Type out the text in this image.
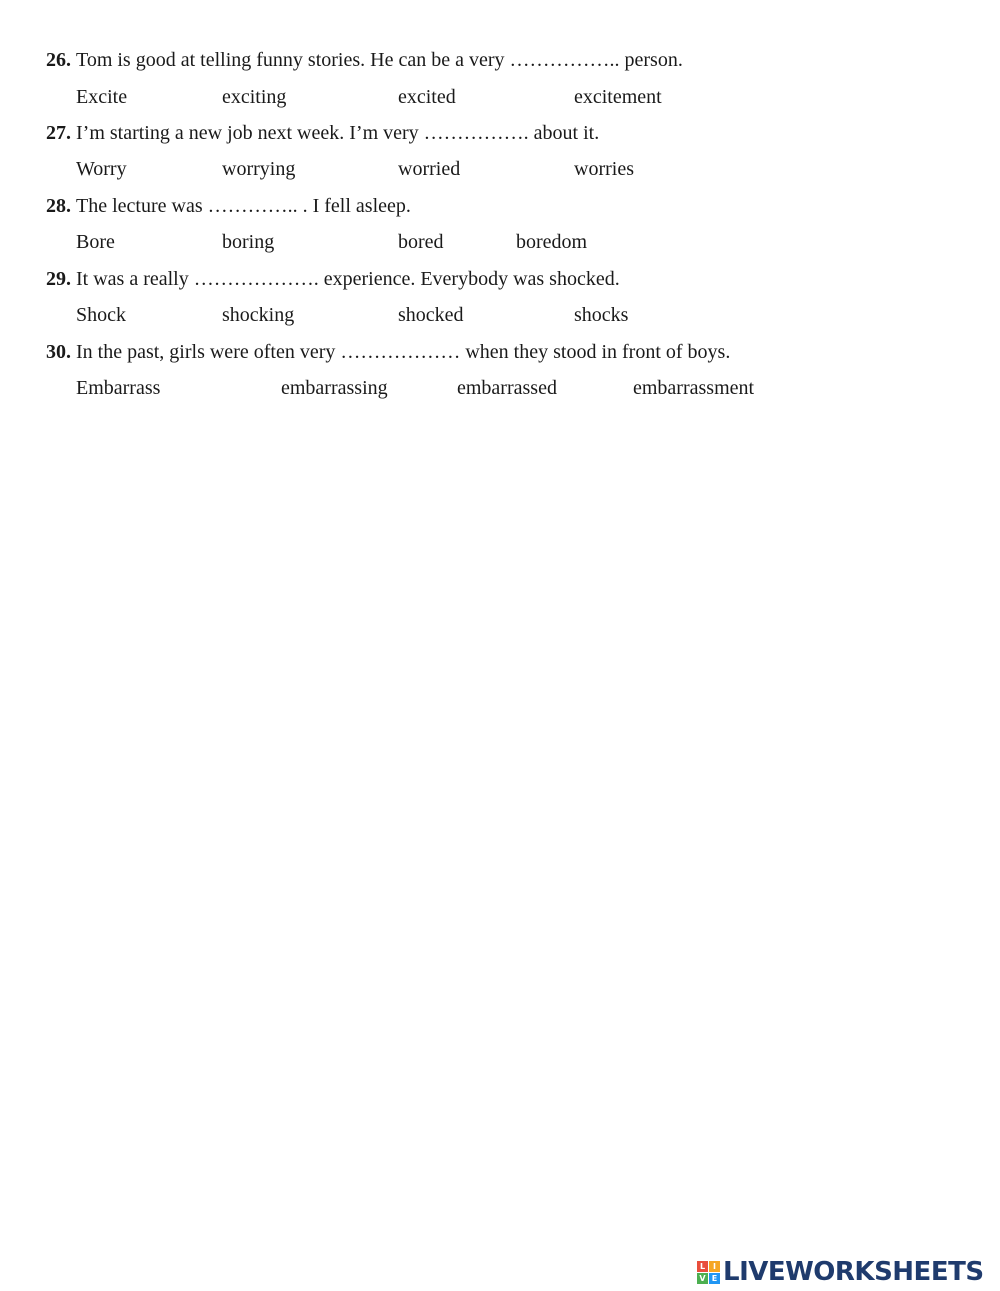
26. Tom is good at telling funny stories. He can be a very …………….. person.
Excite	exciting	excited	excitement
27. I’m starting a new job next week. I’m very ……………. about it.
Worry	worrying	worried	worries
28. The lecture was ………….. . I fell asleep.
Bore	boring	bored	boredom
29. It was a really ………………. experience. Everybody was shocked.
Shock	shocking	shocked	shocks
30. In the past, girls were often very ……………… when they stood in front of boys.
Embarrass	embarrassing	embarrassed	embarrassment
L I
V E LIVEWORKSHEETS
